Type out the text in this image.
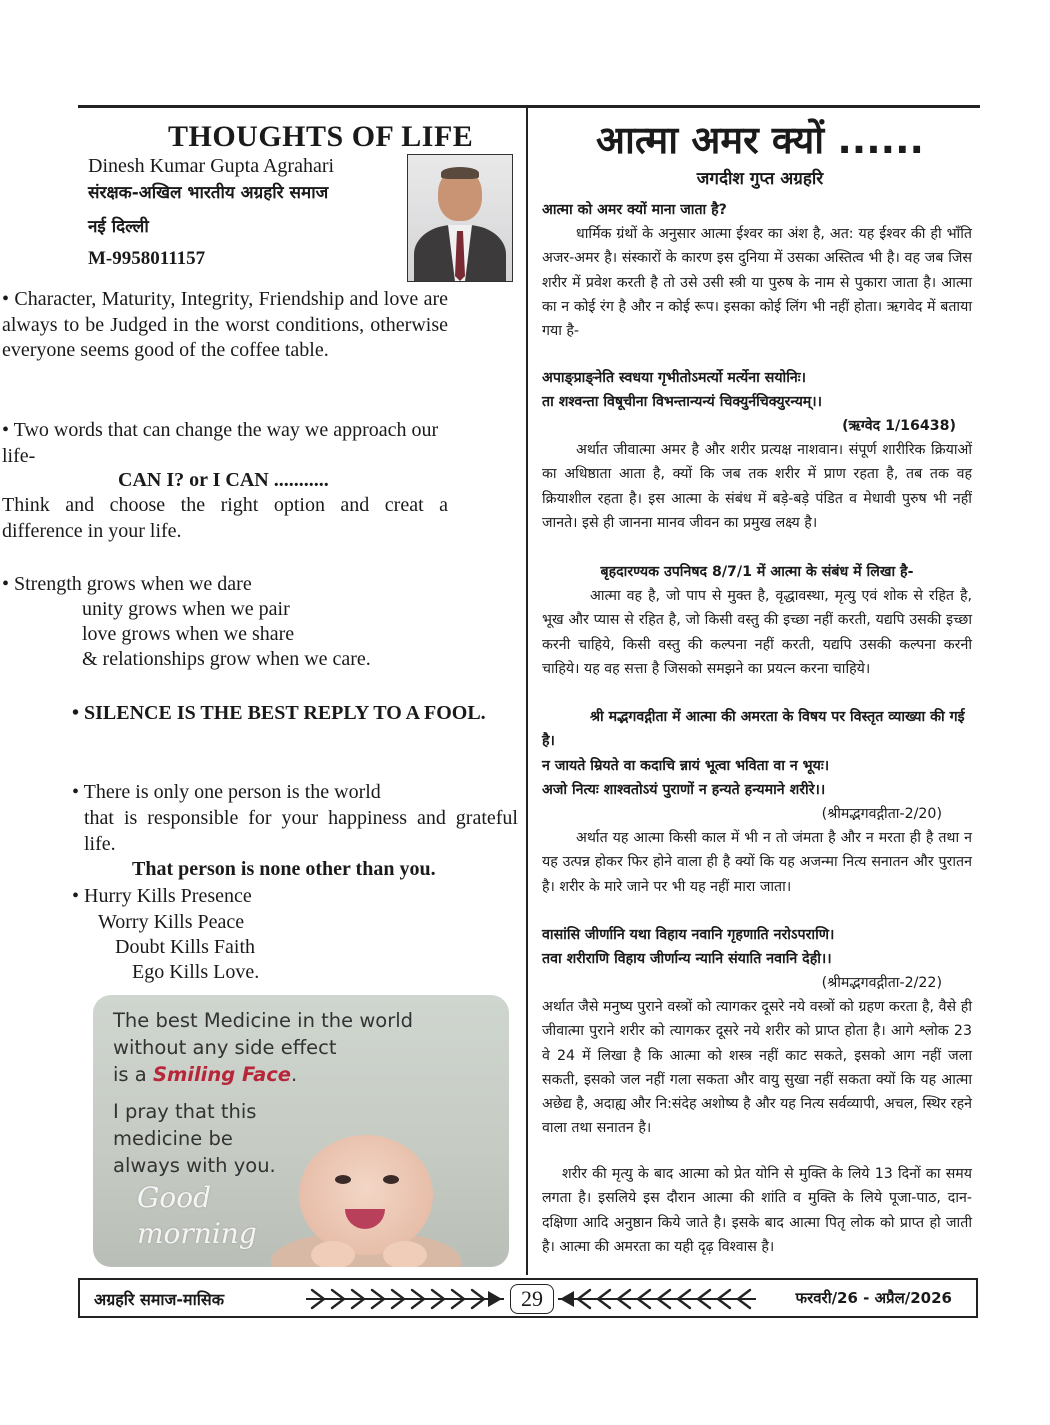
THOUGHTS OF LIFE
Dinesh Kumar Gupta Agrahari
संरक्षक-अखिल भारतीय अग्रहरि समाज
नई दिल्ली
M-9958011157

• Character, Maturity, Integrity, Friendship and love are always to be Judged in the worst conditions, otherwise everyone seems good of the coffee table.

• Two words that can change the way we approach our life-

CAN I? or I CAN ...........

Think and choose the right option and creat a difference in your life.

• Strength grows when we dare

unity grows when we pair

love grows when we share

& relationships grow when we care.

• SILENCE IS THE BEST REPLY TO A FOOL.

• There is only one person is the world

that is responsible for your happiness and grateful life.

That person is none other than you.

• Hurry Kills Presence

Worry Kills Peace

Doubt Kills Faith

Ego Kills Love.

The best Medicine in the world
without any side effect
is a Smiling Face.
I pray that this
medicine be
always with you.
Good
morning
आत्मा अमर क्यों ......
जगदीश गुप्त अग्रहरि

आत्मा को अमर क्यों माना जाता है?

धार्मिक ग्रंथों के अनुसार आत्मा ईश्वर का अंश है, अत: यह ईश्वर की ही भाँति अजर-अमर है। संस्कारों के कारण इस दुनिया में उसका अस्तित्व भी है। वह जब जिस शरीर में प्रवेश करती है तो उसे उसी स्त्री या पुरुष के नाम से पुकारा जाता है। आत्मा का न कोई रंग है और न कोई रूप। इसका कोई लिंग भी नहीं होता। ऋगवेद में बताया गया है-

अपाङ्प्राङ्नेति स्वधया गृभीतोऽमर्त्यो मर्त्येना सयोनिः।

ता शश्वन्ता विषूचीना विभन्तान्यन्यं चिक्युर्नचिक्युरन्यम्।।

(ऋग्वेद 1/16438)

अर्थात जीवात्मा अमर है और शरीर प्रत्यक्ष नाशवान। संपूर्ण शारीरिक क्रियाओं का अधिष्ठाता आता है, क्यों कि जब तक शरीर में प्राण रहता है, तब तक वह क्रियाशील रहता है। इस आत्मा के संबंध में बड़े-बड़े पंडित व मेधावी पुरुष भी नहीं जानते। इसे ही जानना मानव जीवन का प्रमुख लक्ष्य है।

बृहदारण्यक उपनिषद 8/7/1 में आत्मा के संबंध में लिखा है-

आत्मा वह है, जो पाप से मुक्त है, वृद्धावस्था, मृत्यु एवं शोक से रहित है, भूख और प्यास से रहित है, जो किसी वस्तु की इच्छा नहीं करती, यद्यपि उसकी इच्छा करनी चाहिये, किसी वस्तु की कल्पना नहीं करती, यद्यपि उसकी कल्पना करनी चाहिये। यह वह सत्ता है जिसको समझने का प्रयत्न करना चाहिये।

श्री मद्भगवद्गीता में आत्मा की अमरता के विषय पर विस्तृत व्याख्या की गई है।

न जायते म्रियते वा कदाचि न्नायं भूत्वा भविता वा न भूयः।

अजो नित्यः शाश्वतोऽयं पुराणों न हन्यते हन्यमाने शरीरे।।

(श्रीमद्भगवद्गीता-2/20)

अर्थात यह आत्मा किसी काल में भी न तो जंमता है और न मरता ही है तथा न यह उत्पन्न होकर फिर होने वाला ही है क्यों कि यह अजन्मा नित्य सनातन और पुरातन है। शरीर के मारे जाने पर भी यह नहीं मारा जाता।

वासांसि जीर्णानि यथा विहाय नवानि गृहणाति नरोऽपराणि।

तवा शरीराणि विहाय जीर्णान्य न्यानि संयाति नवानि देही।।

(श्रीमद्भगवद्गीता-2/22)

अर्थात जैसे मनुष्य पुराने वस्त्रों को त्यागकर दूसरे नये वस्त्रों को ग्रहण करता है, वैसे ही जीवात्मा पुराने शरीर को त्यागकर दूसरे नये शरीर को प्राप्त होता है। आगे श्लोक 23 वे 24 में लिखा है कि आत्मा को शस्त्र नहीं काट सकते, इसको आग नहीं जला सकती, इसको जल नहीं गला सकता और वायु सुखा नहीं सकता क्यों कि यह आत्मा अछेद्य है, अदाह्य और नि:संदेह अशोष्य है और यह नित्य सर्वव्यापी, अचल, स्थिर रहने वाला तथा सनातन है।

शरीर की मृत्यु के बाद आत्मा को प्रेत योनि से मुक्ति के लिये 13 दिनों का समय लगता है। इसलिये इस दौरान आत्मा की शांति व मुक्ति के लिये पूजा-पाठ, दान-दक्षिणा आदि अनुष्ठान किये जाते है। इसके बाद आत्मा पितृ लोक को प्राप्त हो जाती है। आत्मा की अमरता का यही दृढ़ विश्वास है।

अग्रहरि समाज-मासिक	29	फरवरी/26 - अप्रैल/2026
